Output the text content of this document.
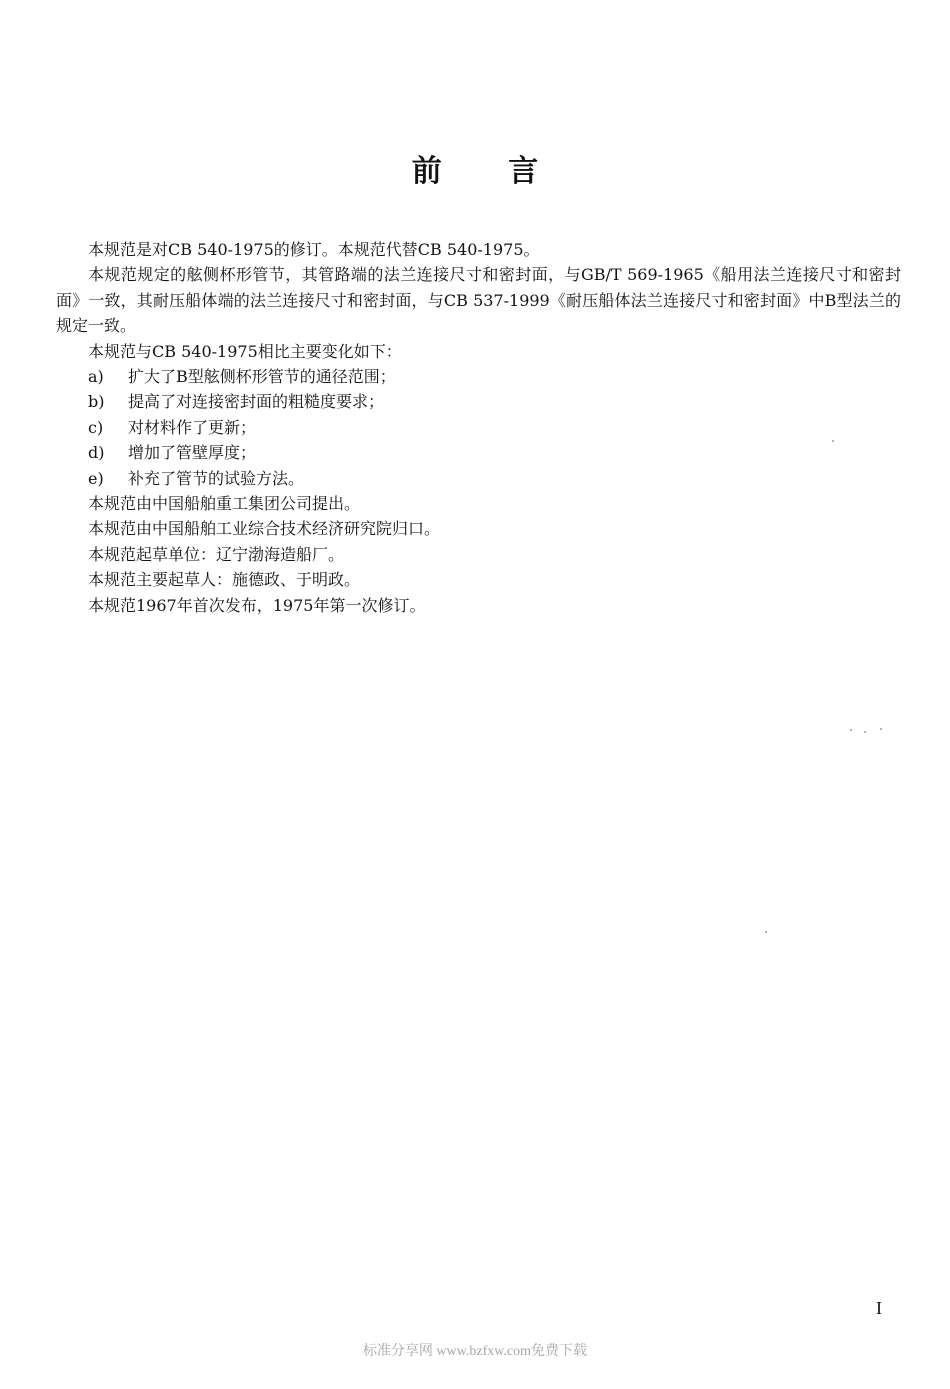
前 言

本规范是对CB 540-1975的修订。本规范代替CB 540-1975。

本规范规定的舷侧杯形管节，其管路端的法兰连接尺寸和密封面，与GB/T 569-1965《船用法兰连接尺寸和密封面》一致，其耐压船体端的法兰连接尺寸和密封面，与CB 537-1999《耐压船体法兰连接尺寸和密封面》中B型法兰的规定一致。

本规范与CB 540-1975相比主要变化如下：

a) 扩大了B型舷侧杯形管节的通径范围；
b) 提高了对连接密封面的粗糙度要求；
c) 对材料作了更新；
d) 增加了管壁厚度；
e) 补充了管节的试验方法。

本规范由中国船舶重工集团公司提出。

本规范由中国船舶工业综合技术经济研究院归口。

本规范起草单位：辽宁渤海造船厂。

本规范主要起草人：施德政、于明政。

本规范1967年首次发布，1975年第一次修订。

I
标准分享网 www.bzfxw.com免费下载
